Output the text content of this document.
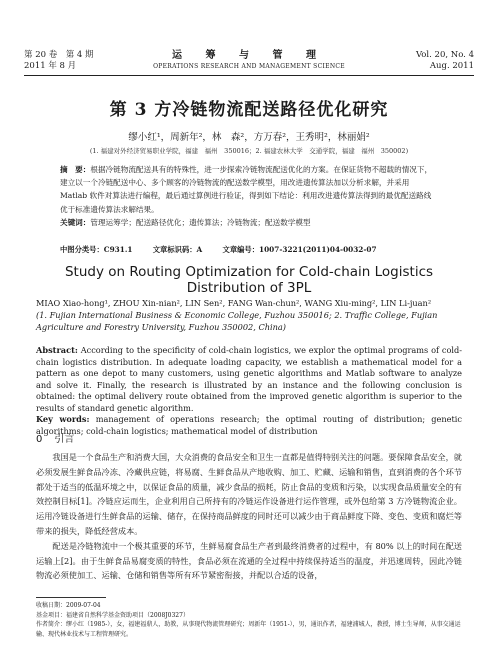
第 20 卷　第 4 期
2011 年 8 月
运 筹 与 管 理
OPERATIONS RESEARCH AND MANAGEMENT SCIENCE
Vol. 20, No. 4
Aug. 2011
第 3 方冷链物流配送路径优化研究
缪小红¹，周新年²，林　森²，方万春²，王秀明²，林丽娟²
(1. 福建对外经济贸易职业学院，福建　福州　350016；2. 福建农林大学　交通学院，福建　福州　350002)

摘　要：根据冷链物流配送具有的特殊性，进一步探索冷链物流配送优化的方案。在保证货物不超载的情况下，建立以一个冷链配送中心、多个顾客的冷链物流的配送数学模型，用改进遗传算法加以分析求解，并采用 Matlab 软件对算法进行编程，最后通过算例进行验证，得到如下结论：利用改进遗传算法得到的最优配送路线优于标准遗传算法求解结果。

关键词：管理运筹学；配送路径优化；遗传算法；冷链物流；配送数学模型

中图分类号：C931.1	文章标识码：A	文章编号：1007-3221(2011)04-0032-07
Study on Routing Optimization for Cold-chain Logistics Distribution of 3PL
MIAO Xiao-hong¹, ZHOU Xin-nian², LIN Sen², FANG Wan-chun², WANG Xiu-ming², LIN Li-juan²
(1. Fujian International Business & Economic College, Fuzhou 350016; 2. Traffic College, Fujian Agriculture and Forestry University, Fuzhou 350002, China)

Abstract: According to the specificity of cold-chain logistics, we explor the optimal programs of cold-chain logistics distribution. In adequate loading capacity, we establish a mathematical model for a pattern as one depot to many customers, using genetic algorithms and Matlab software to analyze and solve it. Finally, the research is illustrated by an instance and the following conclusion is obtained: the optimal delivery route obtained from the improved genetic algorithm is superior to the results of standard genetic algorithm.

Key words: management of operations research; the optimal routing of distribution; genetic algorithms; cold-chain logistics; mathematical model of distribution

0 引言

我国是一个食品生产和消费大国，大众消费的食品安全和卫生一直都是值得特别关注的问题。要保障食品安全，就必须发展生鲜食品冷冻、冷藏供应链，将易腐、生鲜食品从产地收购、加工、贮藏、运输和销售，直到消费的各个环节都处于适当的低温环境之中，以保证食品的质量，减少食品的损耗，防止食品的变质和污染，以实现食品质量安全的有效控制目标[1]。冷链应运而生，企业利用自己所持有的冷链运作设备进行运作管理，或外包给第 3 方冷链物流企业。运用冷链设备进行生鲜食品的运输、储存，在保持商品鲜度的同时还可以减少由于商品鲜度下降、变色、变质和腐烂等带来的损失，降低经营成本。

配送是冷链物流中一个极其重要的环节，生鲜易腐食品生产者到最终消费者的过程中，有 80% 以上的时间在配送运输上[2]。由于生鲜食品易腐变质的特性，食品必须在流通的全过程中持续保持适当的温度，并迅速周转，因此冷链物流必须使加工、运输、仓储和销售等所有环节紧密衔接，并配以合适的设备，

收稿日期：2009-07-04
基金项目：福建省自然科学基金资助项目（2008J0327）
作者简介：缪小红（1985-），女，福建福鼎人，助教，从事现代物流管理研究；周新年（1951-），男，通讯作者，福建浦城人，教授，博士生导师，从事交通运输、现代林业技术与工程管理研究。
